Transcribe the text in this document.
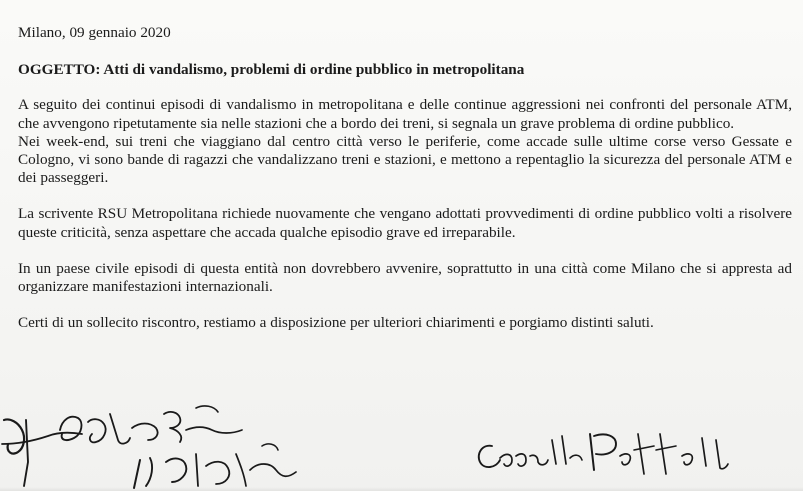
Milano, 09 gennaio 2020
OGGETTO: Atti di vandalismo, problemi di ordine pubblico in metropolitana

A seguito dei continui episodi di vandalismo in metropolitana e delle continue aggressioni nei confronti del personale ATM, che avvengono ripetutamente sia nelle stazioni che a bordo dei treni, si segnala un grave problema di ordine pubblico.

Nei week-end, sui treni che viaggiano dal centro città verso le periferie, come accade sulle ultime corse verso Gessate e Cologno, vi sono bande di ragazzi che vandalizzano treni e stazioni, e mettono a repentaglio la sicurezza del personale ATM e dei passeggeri.

La scrivente RSU Metropolitana richiede nuovamente che vengano adottati provvedimenti di ordine pubblico volti a risolvere queste criticità, senza aspettare che accada qualche episodio grave ed irreparabile.

In un paese civile episodi di questa entità non dovrebbero avvenire, soprattutto in una città come Milano che si appresta ad organizzare manifestazioni internazionali.

Certi di un sollecito riscontro, restiamo a disposizione per ulteriori chiarimenti e porgiamo distinti saluti.
